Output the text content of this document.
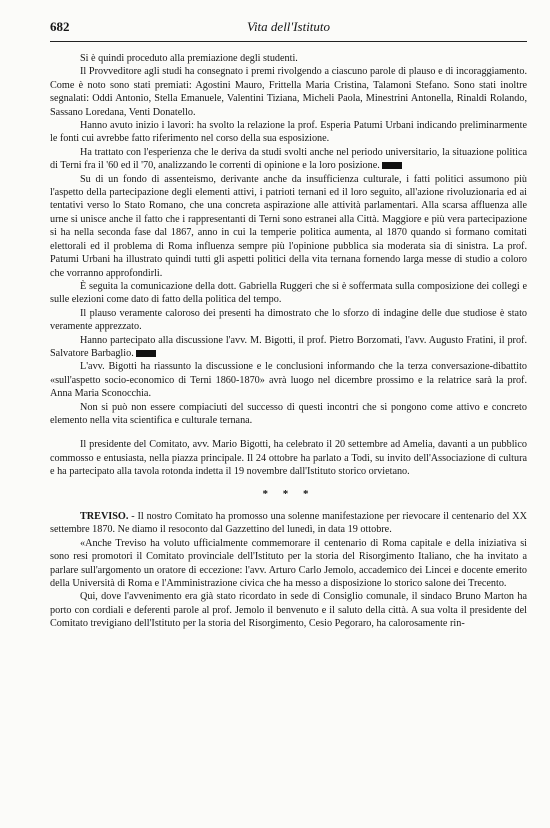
682	Vita dell'Istituto

Si è quindi proceduto alla premiazione degli studenti.

Il Provveditore agli studi ha consegnato i premi rivolgendo a ciascuno parole di plauso e di incoraggiamento. Come è noto sono stati premiati: Agostini Mauro, Frittella Maria Cristina, Talamoni Stefano. Sono stati inoltre segnalati: Oddi Antonio, Stella Emanuele, Valentini Tiziana, Micheli Paola, Minestrini Antonella, Rinaldi Rolando, Sassano Loredana, Venti Donatello.

Hanno avuto inizio i lavori: ha svolto la relazione la prof. Esperia Patumi Urbani indicando preliminarmente le fonti cui avrebbe fatto riferimento nel corso della sua esposizione.

Ha trattato con l'esperienza che le deriva da studi svolti anche nel periodo universitario, la situazione politica di Terni fra il '60 ed il '70, analizzando le correnti di opinione e la loro posizione.

Su di un fondo di assenteismo, derivante anche da insufficienza culturale, i fatti politici assumono più l'aspetto della partecipazione degli elementi attivi, i patrioti ternani ed il loro seguito, all'azione rivoluzionaria ed ai tentativi verso lo Stato Romano, che una concreta aspirazione alle attività parlamentari. Alla scarsa affluenza alle urne si unisce anche il fatto che i rappresentanti di Terni sono estranei alla Città. Maggiore e più vera partecipazione si ha nella seconda fase dal 1867, anno in cui la temperie politica aumenta, al 1870 quando si formano comitati elettorali ed il problema di Roma influenza sempre più l'opinione pubblica sia moderata sia di sinistra. La prof. Patumi Urbani ha illustrato quindi tutti gli aspetti politici della vita ternana fornendo larga messe di studio a coloro che vorranno approfondirli.

È seguita la comunicazione della dott. Gabriella Ruggeri che si è soffermata sulla composizione dei collegi e sulle elezioni come dato di fatto della politica del tempo.

Il plauso veramente caloroso dei presenti ha dimostrato che lo sforzo di indagine delle due studiose è stato veramente apprezzato.

Hanno partecipato alla discussione l'avv. M. Bigotti, il prof. Pietro Borzomati, l'avv. Augusto Fratini, il prof. Salvatore Barbaglio.

L'avv. Bigotti ha riassunto la discussione e le conclusioni informando che la terza conversazione-dibattito «sull'aspetto socio-economico di Terni 1860-1870» avrà luogo nel dicembre prossimo e la relatrice sarà la prof. Anna Maria Sconocchia.

Non si può non essere compiaciuti del successo di questi incontri che si pongono come attivo e concreto elemento nella vita scientifica e culturale ternana.

Il presidente del Comitato, avv. Mario Bigotti, ha celebrato il 20 settembre ad Amelia, davanti a un pubblico commosso e entusiasta, nella piazza principale. Il 24 ottobre ha parlato a Todi, su invito dell'Associazione di cultura e ha partecipato alla tavola rotonda indetta il 19 novembre dall'Istituto storico orvietano.

* * *

TREVISO. - Il nostro Comitato ha promosso una solenne manifestazione per rievocare il centenario del XX settembre 1870. Ne diamo il resoconto dal Gazzettino del lunedì, in data 19 ottobre.

«Anche Treviso ha voluto ufficialmente commemorare il centenario di Roma capitale e della iniziativa si sono resi promotori il Comitato provinciale dell'Istituto per la storia del Risorgimento Italiano, che ha invitato a parlare sull'argomento un oratore di eccezione: l'avv. Arturo Carlo Jemolo, accademico dei Lincei e docente emerito della Università di Roma e l'Amministrazione civica che ha messo a disposizione lo storico salone dei Trecento.

Qui, dove l'avvenimento era già stato ricordato in sede di Consiglio comunale, il sindaco Bruno Marton ha porto con cordiali e deferenti parole al prof. Jemolo il benvenuto e il saluto della città. A sua volta il presidente del Comitato trevigiano dell'Istituto per la storia del Risorgimento, Cesio Pegoraro, ha calorosamente rin-
